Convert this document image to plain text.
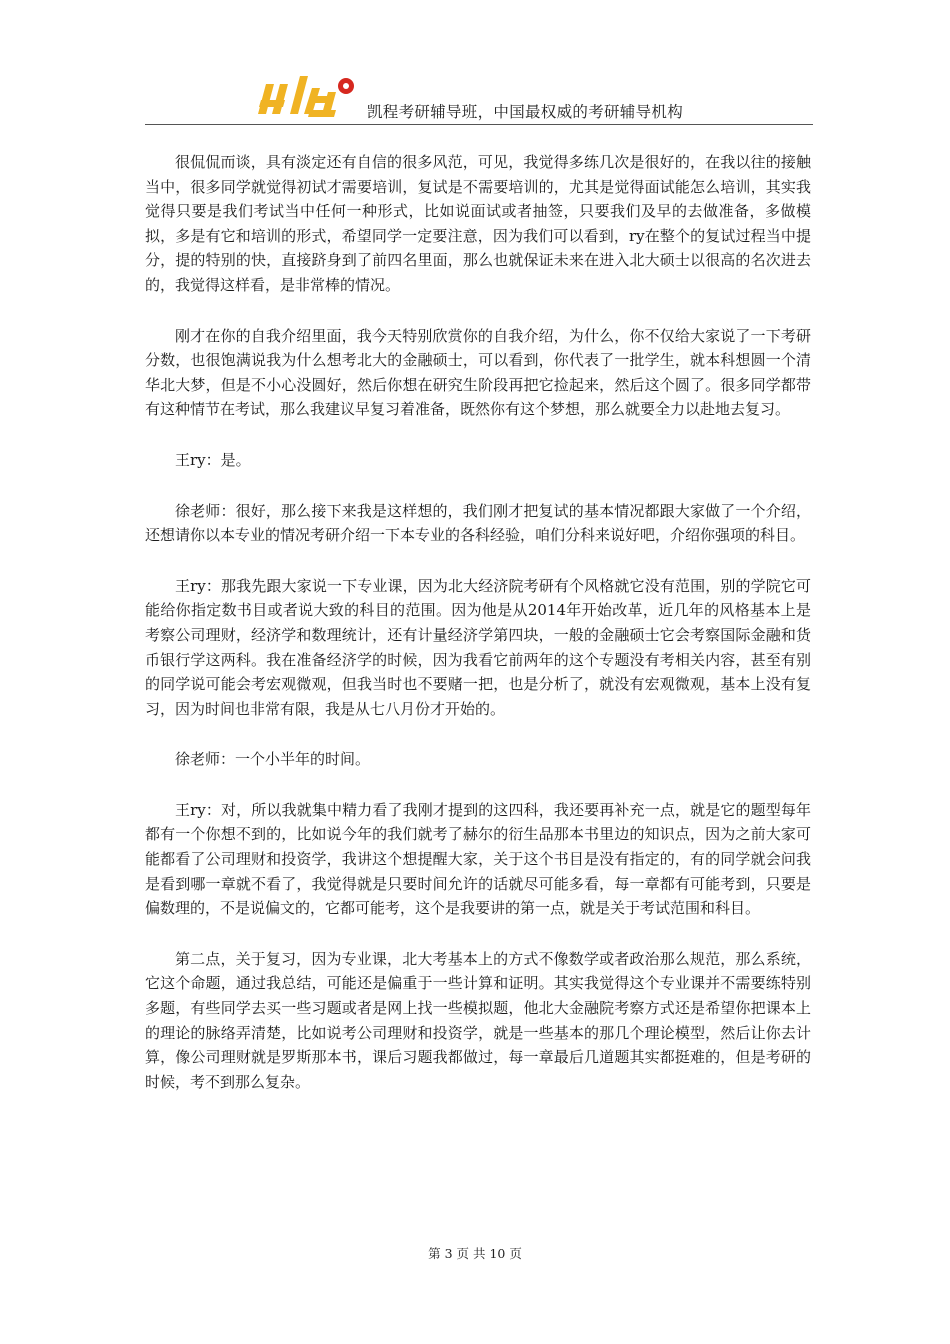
凯程考研辅导班，中国最权威的考研辅导机构

很侃侃而谈，具有淡定还有自信的很多风范，可见，我觉得多练几次是很好的，在我以往的接触当中，很多同学就觉得初试才需要培训，复试是不需要培训的，尤其是觉得面试能怎么培训，其实我觉得只要是我们考试当中任何一种形式，比如说面试或者抽签，只要我们及早的去做准备，多做模拟，多是有它和培训的形式，希望同学一定要注意，因为我们可以看到，ry在整个的复试过程当中提分，提的特别的快，直接跻身到了前四名里面，那么也就保证未来在进入北大硕士以很高的名次进去的，我觉得这样看，是非常棒的情况。

刚才在你的自我介绍里面，我今天特别欣赏你的自我介绍，为什么，你不仅给大家说了一下考研分数，也很饱满说我为什么想考北大的金融硕士，可以看到，你代表了一批学生，就本科想圆一个清华北大梦，但是不小心没圆好，然后你想在研究生阶段再把它捡起来，然后这个圆了。很多同学都带有这种情节在考试，那么我建议早复习着准备，既然你有这个梦想，那么就要全力以赴地去复习。

王ry：是。

徐老师：很好，那么接下来我是这样想的，我们刚才把复试的基本情况都跟大家做了一个介绍，还想请你以本专业的情况考研介绍一下本专业的各科经验，咱们分科来说好吧，介绍你强项的科目。

王ry：那我先跟大家说一下专业课，因为北大经济院考研有个风格就它没有范围，别的学院它可能给你指定数书目或者说大致的科目的范围。因为他是从2014年开始改革，近几年的风格基本上是考察公司理财，经济学和数理统计，还有计量经济学第四块，一般的金融硕士它会考察国际金融和货币银行学这两科。我在准备经济学的时候，因为我看它前两年的这个专题没有考相关内容，甚至有别的同学说可能会考宏观微观，但我当时也不要赌一把，也是分析了，就没有宏观微观，基本上没有复习，因为时间也非常有限，我是从七八月份才开始的。

徐老师：一个小半年的时间。

王ry：对，所以我就集中精力看了我刚才提到的这四科，我还要再补充一点，就是它的题型每年都有一个你想不到的，比如说今年的我们就考了赫尔的衍生品那本书里边的知识点，因为之前大家可能都看了公司理财和投资学，我讲这个想提醒大家，关于这个书目是没有指定的，有的同学就会问我是看到哪一章就不看了，我觉得就是只要时间允许的话就尽可能多看，每一章都有可能考到，只要是偏数理的，不是说偏文的，它都可能考，这个是我要讲的第一点，就是关于考试范围和科目。

第二点，关于复习，因为专业课，北大考基本上的方式不像数学或者政治那么规范，那么系统，它这个命题，通过我总结，可能还是偏重于一些计算和证明。其实我觉得这个专业课并不需要练特别多题，有些同学去买一些习题或者是网上找一些模拟题，他北大金融院考察方式还是希望你把课本上的理论的脉络弄清楚，比如说考公司理财和投资学，就是一些基本的那几个理论模型，然后让你去计算，像公司理财就是罗斯那本书，课后习题我都做过，每一章最后几道题其实都挺难的，但是考研的时候，考不到那么复杂。

第 3 页 共 10 页
